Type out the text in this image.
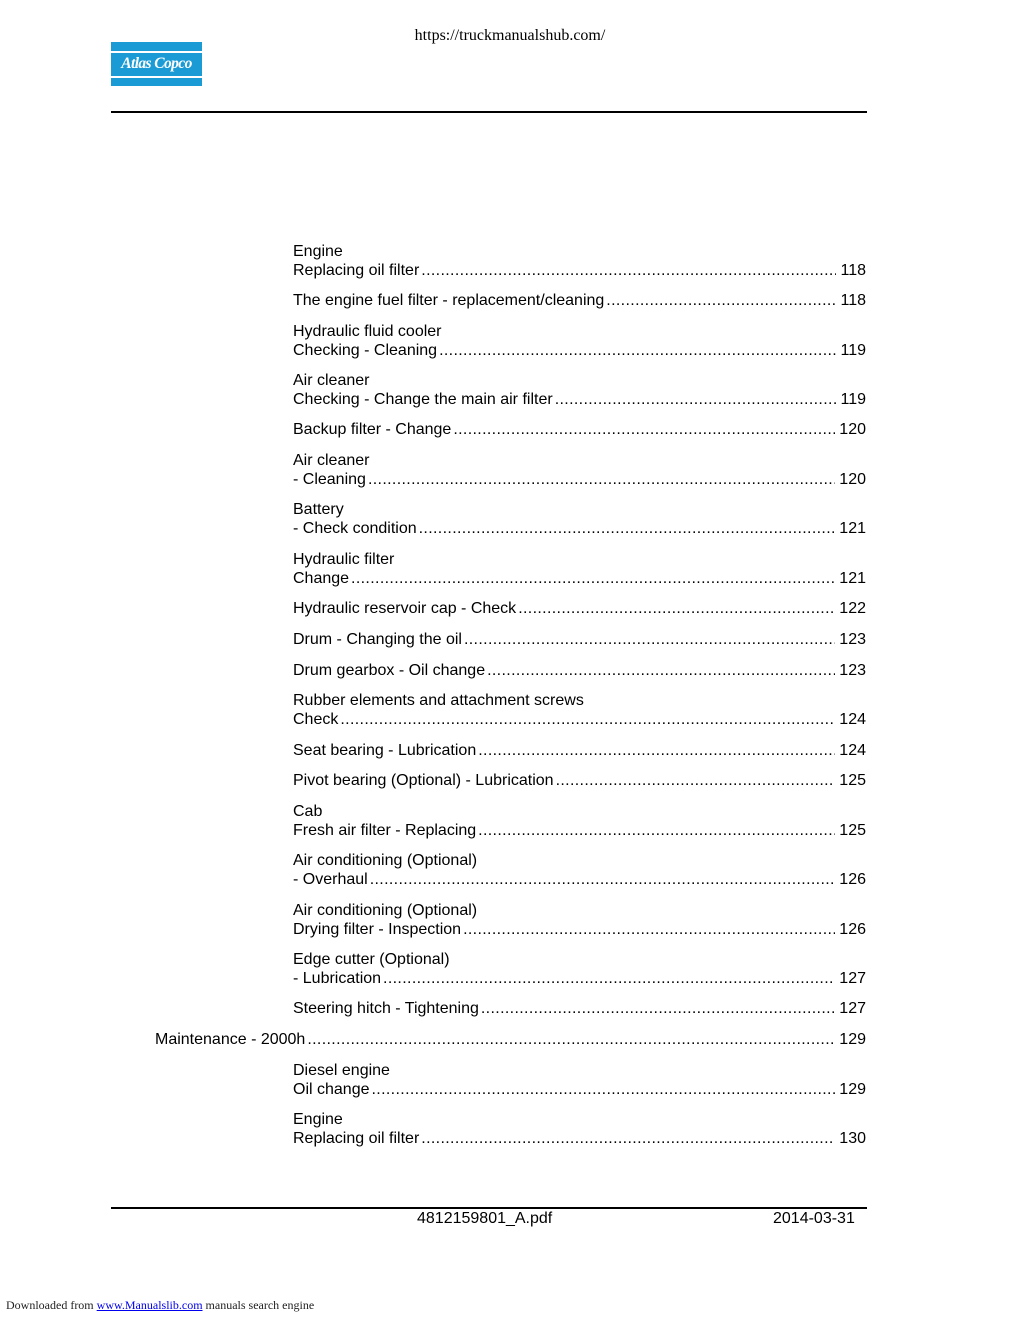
https://truckmanualshub.com/
Atlas Copco
Engine
Replacing oil filter .....	118
The engine fuel filter - replacement/cleaning .....	118
Hydraulic fluid cooler
Checking - Cleaning .....	119
Air cleaner
Checking - Change the main air filter .....	119
Backup filter - Change .....	120
Air cleaner
- Cleaning .....	120
Battery
- Check condition .....	121
Hydraulic filter
Change .....	121
Hydraulic reservoir cap - Check .....	122
Drum - Changing the oil .....	123
Drum gearbox - Oil change .....	123
Rubber elements and attachment screws
Check .....	124
Seat bearing - Lubrication .....	124
Pivot bearing (Optional) - Lubrication .....	125
Cab
Fresh air filter - Replacing .....	125
Air conditioning (Optional)
- Overhaul .....	126
Air conditioning (Optional)
Drying filter - Inspection .....	126
Edge cutter (Optional)
- Lubrication .....	127
Steering hitch - Tightening .....	127
Maintenance - 2000h .....	129
Diesel engine
Oil change .....	129
Engine
Replacing oil filter .....	130
4812159801_A.pdf	2014-03-31
Downloaded from www.Manualslib.com manuals search engine
